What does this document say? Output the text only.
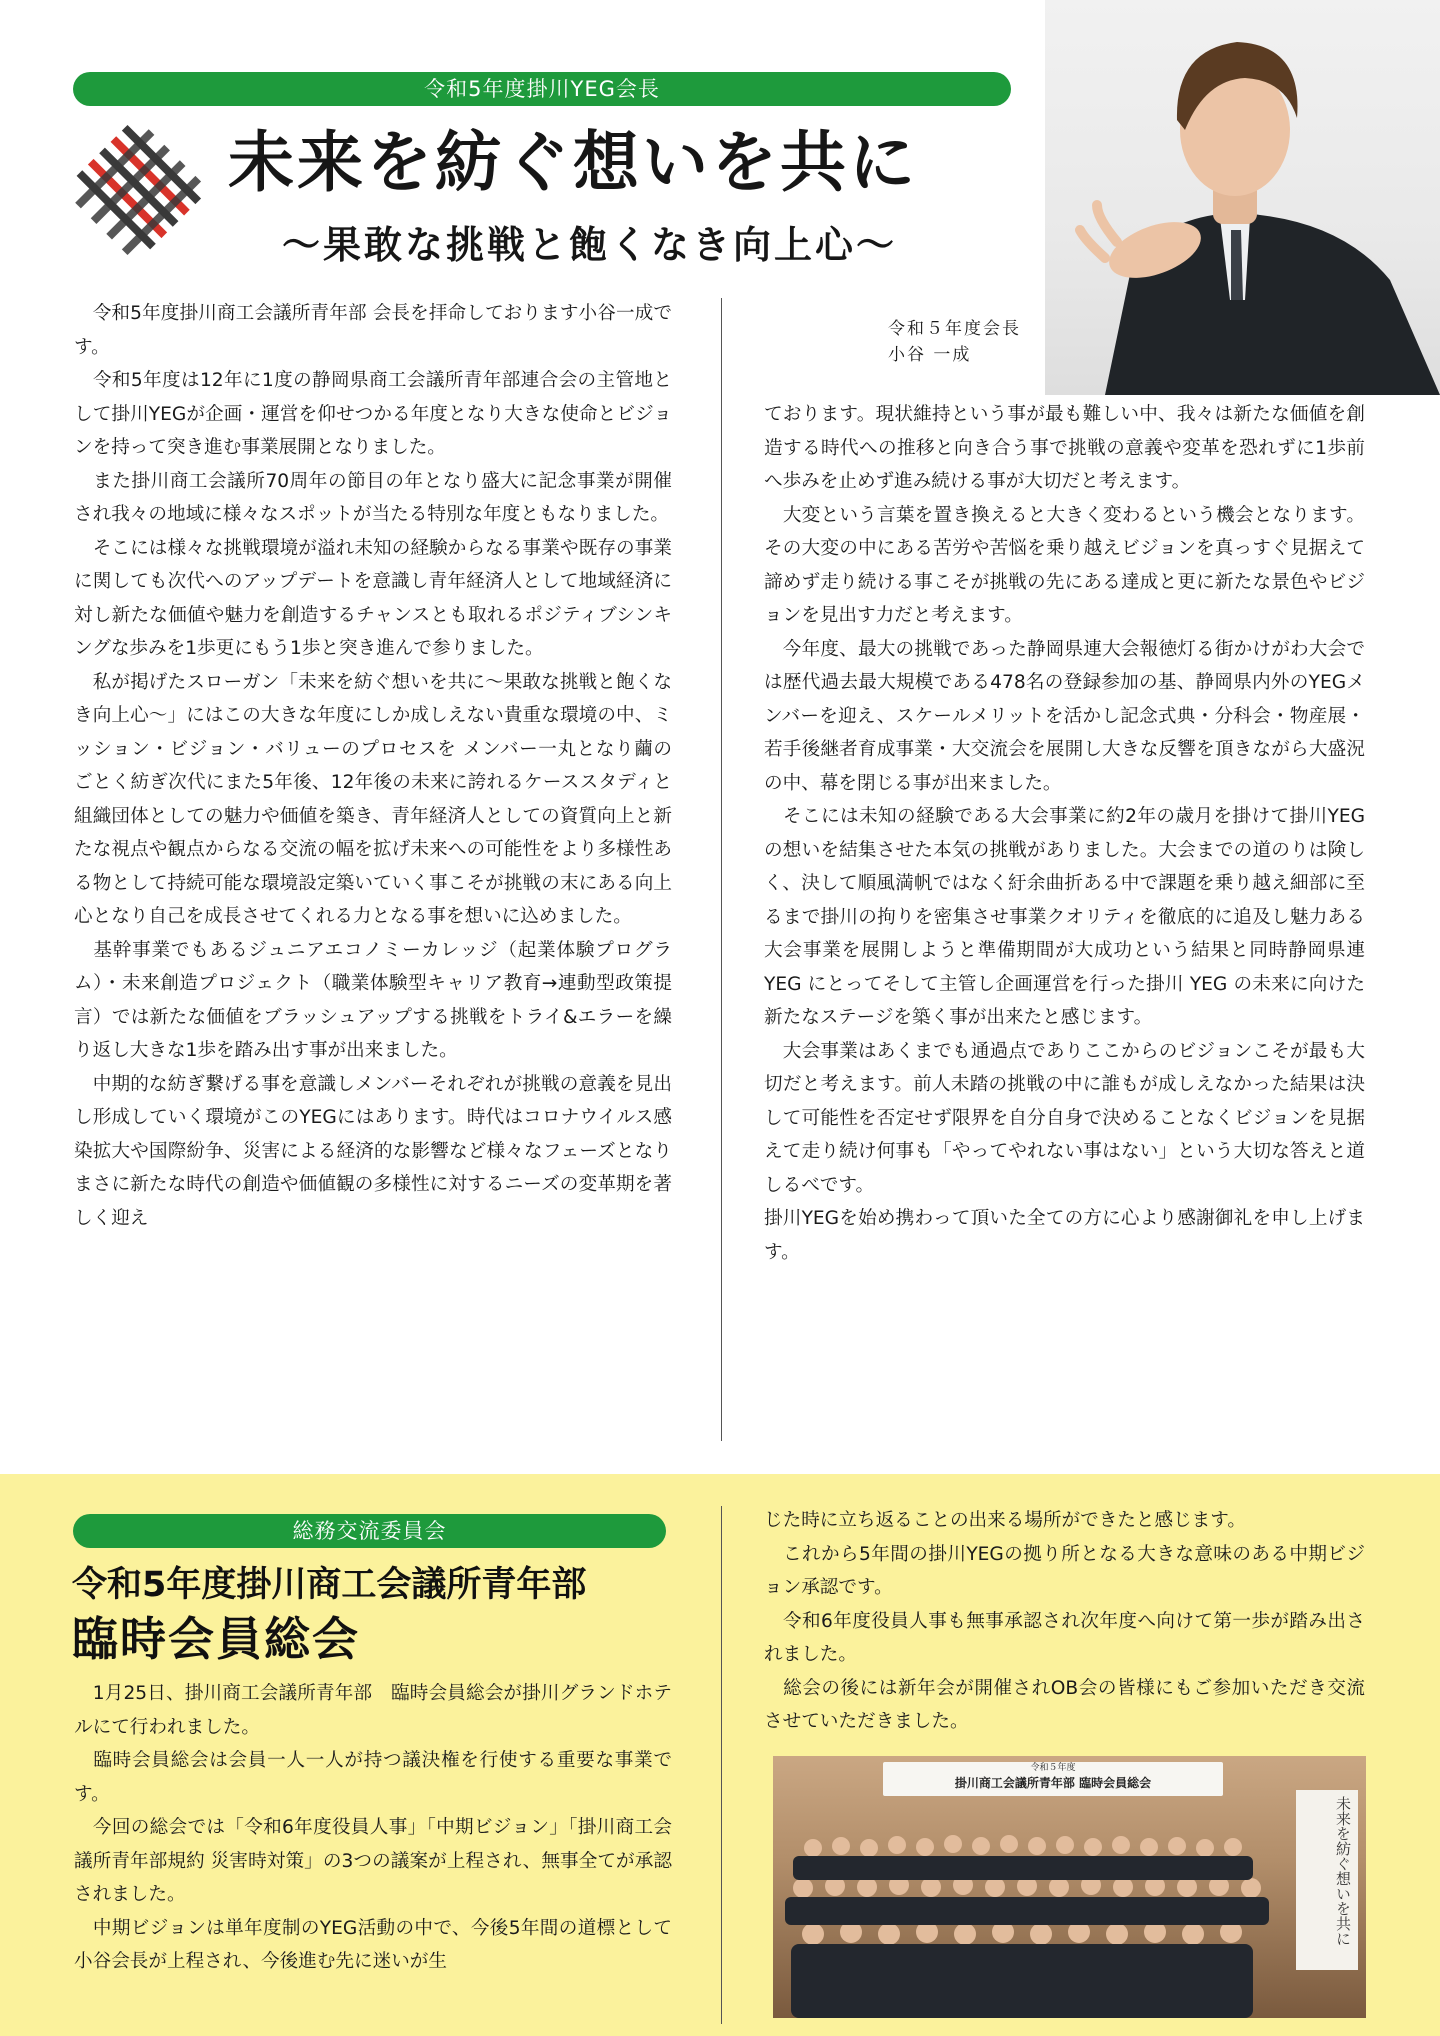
令和5年度掛川YEG会長
未来を紡ぐ想いを共に
〜果敢な挑戦と飽くなき向上心〜
令和５年度会長
小谷 一成

　令和5年度掛川商工会議所青年部 会長を拝命しております小谷一成です。

　令和5年度は12年に1度の静岡県商工会議所青年部連合会の主管地として掛川YEGが企画・運営を仰せつかる年度となり大きな使命とビジョンを持って突き進む事業展開となりました。

　また掛川商工会議所70周年の節目の年となり盛大に記念事業が開催され我々の地域に様々なスポットが当たる特別な年度ともなりました。

　そこには様々な挑戦環境が溢れ未知の経験からなる事業や既存の事業に関しても次代へのアップデートを意識し青年経済人として地域経済に対し新たな価値や魅力を創造するチャンスとも取れるポジティブシンキングな歩みを1歩更にもう1歩と突き進んで参りました。

　私が掲げたスローガン「未来を紡ぐ想いを共に〜果敢な挑戦と飽くなき向上心〜」にはこの大きな年度にしか成しえない貴重な環境の中、ミッション・ビジョン・バリューのプロセスを メンバー一丸となり繭のごとく紡ぎ次代にまた5年後、12年後の未来に誇れるケーススタディと組織団体としての魅力や価値を築き、青年経済人としての資質向上と新たな視点や観点からなる交流の幅を拡げ未来への可能性をより多様性ある物として持続可能な環境設定築いていく事こそが挑戦の末にある向上心となり自己を成長させてくれる力となる事を想いに込めました。

　基幹事業でもあるジュニアエコノミーカレッジ（起業体験プログラム）・未来創造プロジェクト（職業体験型キャリア教育→連動型政策提言）では新たな価値をブラッシュアップする挑戦をトライ&エラーを繰り返し大きな1歩を踏み出す事が出来ました。

　中期的な紡ぎ繋げる事を意識しメンバーそれぞれが挑戦の意義を見出し形成していく環境がこのYEGにはあります。時代はコロナウイルス感染拡大や国際紛争、災害による経済的な影響など様々なフェーズとなりまさに新たな時代の創造や価値観の多様性に対するニーズの変革期を著しく迎え

ております。現状維持という事が最も難しい中、我々は新たな価値を創造する時代への推移と向き合う事で挑戦の意義や変革を恐れずに1歩前へ歩みを止めず進み続ける事が大切だと考えます。

　大変という言葉を置き換えると大きく変わるという機会となります。その大変の中にある苦労や苦悩を乗り越えビジョンを真っすぐ見据えて諦めず走り続ける事こそが挑戦の先にある達成と更に新たな景色やビジョンを見出す力だと考えます。

　今年度、最大の挑戦であった静岡県連大会報徳灯る街かけがわ大会では歴代過去最大規模である478名の登録参加の基、静岡県内外のYEGメンバーを迎え、スケールメリットを活かし記念式典・分科会・物産展・若手後継者育成事業・大交流会を展開し大きな反響を頂きながら大盛況の中、幕を閉じる事が出来ました。

　そこには未知の経験である大会事業に約2年の歳月を掛けて掛川YEGの想いを結集させた本気の挑戦がありました。大会までの道のりは険しく、決して順風満帆ではなく紆余曲折ある中で課題を乗り越え細部に至るまで掛川の拘りを密集させ事業クオリティを徹底的に追及し魅力ある大会事業を展開しようと準備期間が大成功という結果と同時静岡県連 YEG にとってそして主管し企画運営を行った掛川 YEG の未来に向けた新たなステージを築く事が出来たと感じます。

　大会事業はあくまでも通過点でありここからのビジョンこそが最も大切だと考えます。前人未踏の挑戦の中に誰もが成しえなかった結果は決して可能性を否定せず限界を自分自身で決めることなくビジョンを見据えて走り続け何事も「やってやれない事はない」という大切な答えと道しるべです。

掛川YEGを始め携わって頂いた全ての方に心より感謝御礼を申し上げます。

総務交流委員会
令和5年度掛川商工会議所青年部
臨時会員総会

　1月25日、掛川商工会議所青年部　臨時会員総会が掛川グランドホテルにて行われました。

　臨時会員総会は会員一人一人が持つ議決権を行使する重要な事業です。

　今回の総会では「令和6年度役員人事」「中期ビジョン」「掛川商工会議所青年部規約 災害時対策」の3つの議案が上程され、無事全てが承認されました。

　中期ビジョンは単年度制のYEG活動の中で、今後5年間の道標として小谷会長が上程され、今後進む先に迷いが生

じた時に立ち返ることの出来る場所ができたと感じます。

　これから5年間の掛川YEGの拠り所となる大きな意味のある中期ビジョン承認です。

　令和6年度役員人事も無事承認され次年度へ向けて第一歩が踏み出されました。

　総会の後には新年会が開催されOB会の皆様にもご参加いただき交流させていただきました。

令和５年度
掛川商工会議所青年部 臨時会員総会
未来を紡ぐ想いを共に
